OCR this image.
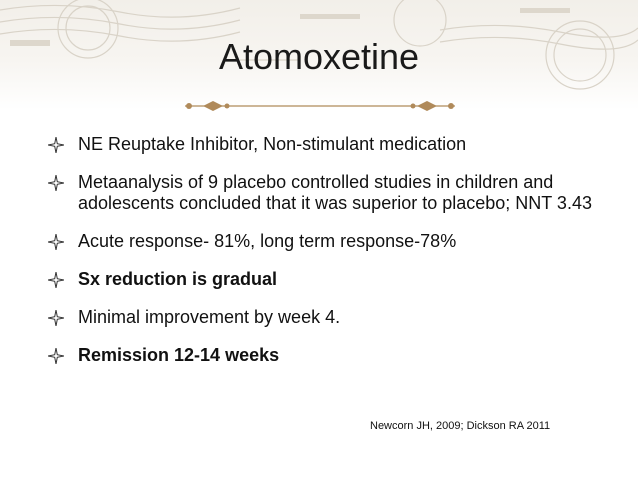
Atomoxetine
NE Reuptake Inhibitor, Non-stimulant medication
Metaanalysis of 9 placebo controlled studies in children and adolescents concluded that it was superior to placebo; NNT 3.43
Acute response- 81%, long term response-78%
Sx reduction is gradual
Minimal improvement by week 4.
Remission 12-14 weeks
Newcorn JH, 2009; Dickson RA 2011
